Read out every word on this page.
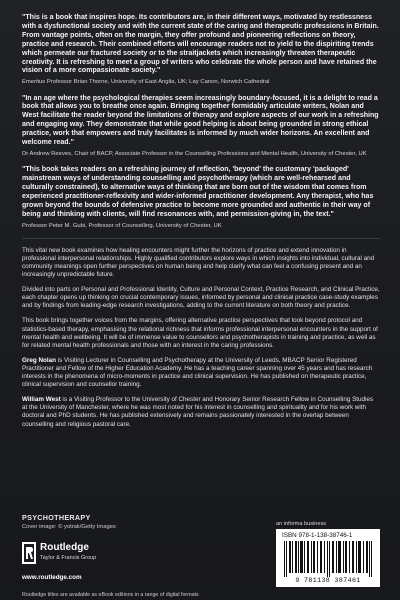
"This is a book that inspires hope. Its contributors are, in their different ways, motivated by restlessness with a dysfunctional society and with the current state of the caring and therapeutic professions in Britain. From vantage points, often on the margin, they offer profound and pioneering reflections on theory, practice and research. Their combined efforts will encourage readers not to yield to the dispiriting trends which permeate our fractured society or to the straitjackets which increasingly threaten therapeutic creativity. It is refreshing to meet a group of writers who celebrate the whole person and have retained the vision of a more compassionate society."

Emeritus Professor Brian Thorne, University of East Anglia, UK; Lay Canon, Norwich Cathedral

"In an age where the psychological therapies seem increasingly boundary-focused, it is a delight to read a book that allows you to breathe once again. Bringing together formidably articulate writers, Nolan and West facilitate the reader beyond the limitations of therapy and explore aspects of our work in a refreshing and engaging way. They demonstrate that while good helping is about being grounded in strong ethical practice, work that empowers and truly facilitates is informed by much wider horizons. An excellent and welcome read."

Dr Andrew Reeves, Chair of BACP, Associate Professor in the Counselling Professions and Mental Health, University of Chester, UK

"This book takes readers on a refreshing journey of reflection, 'beyond' the customary 'packaged' mainstream ways of understanding counselling and psychotherapy (which are well-rehearsed and culturally constrained), to alternative ways of thinking that are born out of the wisdom that comes from experienced practitioner-reflexivity and wider-informed practitioner development. Any therapist, who has grown beyond the bounds of defensive practice to become more grounded and authentic in their way of being and thinking with clients, will find resonances with, and permission-giving in, the text."

Professor Peter M. Gubi, Professor of Counselling, University of Chester, UK

This vital new book examines how healing encounters might further the horizons of practice and extend innovation in professional interpersonal relationships. Highly qualified contributors explore ways in which insights into individual, cultural and community meanings open further perspectives on human being and help clarify what can feel a confusing present and an increasingly unpredictable future.

Divided into parts on Personal and Professional Identity, Culture and Personal Context, Practice Research, and Clinical Practice, each chapter opens up thinking on crucial contemporary issues, informed by personal and clinical practice case-study examples and by findings from leading-edge research investigations, adding to the current literature on both theory and practice.

This book brings together voices from the margins, offering alternative practice perspectives that look beyond protocol and statistics-based therapy, emphasising the relational richness that informs professional interpersonal encounters in the support of mental health and wellbeing. It will be of immense value to counsellors and psychotherapists in training and practice, as well as for related mental health professionals and those with an interest in the caring professions.

Greg Nolan is Visiting Lecturer in Counselling and Psychotherapy at the University of Leeds, MBACP Senior Registered Practitioner and Fellow of the Higher Education Academy. He has a teaching career spanning over 45 years and has research interests in the phenomena of micro-moments in practice and clinical supervision. He has published on therapeutic practice, clinical supervision and counsellor training.

William West is a Visiting Professor to the University of Chester and Honorary Senior Research Fellow in Counselling Studies at the University of Manchester, where he was most noted for his interest in counselling and spirituality and for his work with doctoral and PhD students. He has published extensively and remains passionately interested in the overlap between counselling and religious pastoral care.

PSYCHOTHERAPY
Cover image: © yotrak/Getty Images
Routledge
Taylor & Francis Group
www.routledge.com
an informa business
ISBN 978-1-138-38746-1
9 781138 387461
Routledge titles are available as eBook editions in a range of digital formats
